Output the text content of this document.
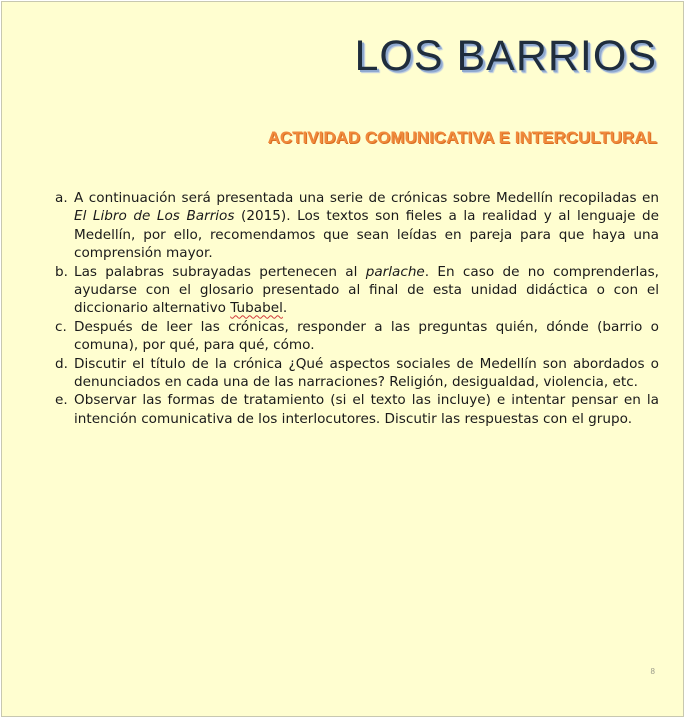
LOS BARRIOS
ACTIVIDAD COMUNICATIVA E INTERCULTURAL
a. A continuación será presentada una serie de crónicas sobre Medellín recopiladas en El Libro de Los Barrios (2015). Los textos son fieles a la realidad y al lenguaje de Medellín, por ello, recomendamos que sean leídas en pareja para que haya una comprensión mayor.
b. Las palabras subrayadas pertenecen al parlache. En caso de no comprenderlas, ayudarse con el glosario presentado al final de esta unidad didáctica o con el diccionario alternativo Tubabel.
c. Después de leer las crónicas, responder a las preguntas quién, dónde (barrio o comuna), por qué, para qué, cómo.
d. Discutir el título de la crónica ¿Qué aspectos sociales de Medellín son abordados o denunciados en cada una de las narraciones? Religión, desigualdad, violencia, etc.
e. Observar las formas de tratamiento (si el texto las incluye) e intentar pensar en la intención comunicativa de los interlocutores. Discutir las respuestas con el grupo.
8
